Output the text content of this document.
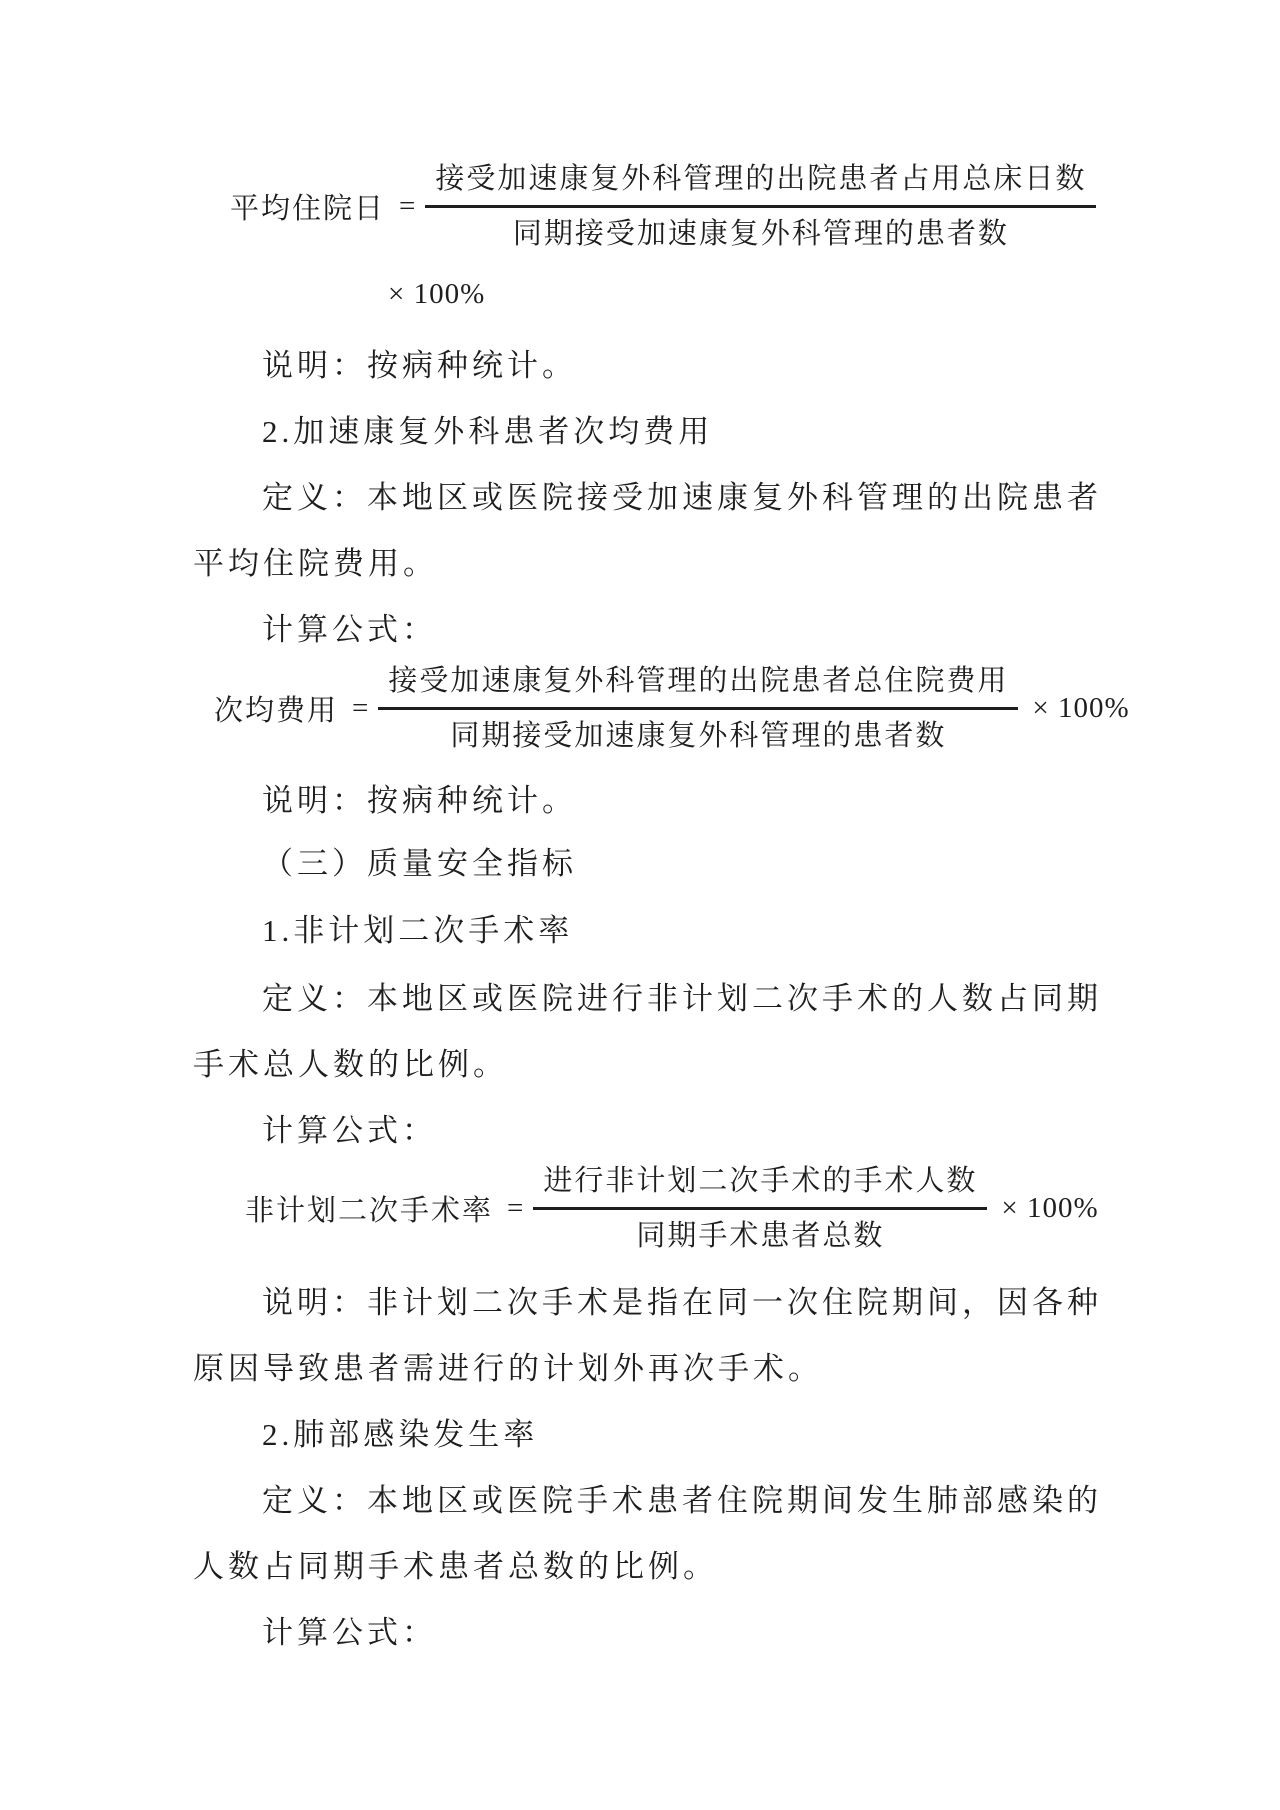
平均住院日 = $\frac{\text{接受加速康复外科管理的出院患者占用总床日数}}{\text{同期接受加速康复外科管理的患者数}}$
× 100%
说明：按病种统计。
2.加速康复外科患者次均费用
定义：本地区或医院接受加速康复外科管理的出院患者
平均住院费用。
计算公式：
次均费用 = $\frac{\text{接受加速康复外科管理的出院患者总住院费用}}{\text{同期接受加速康复外科管理的患者数}} \times 100\%$
说明：按病种统计。
（三）质量安全指标
1.非计划二次手术率
定义：本地区或医院进行非计划二次手术的人数占同期
手术总人数的比例。
计算公式：
非计划二次手术率 = $\frac{\text{进行非计划二次手术的手术人数}}{\text{同期手术患者总数}} \times 100\%$
说明：非计划二次手术是指在同一次住院期间，因各种
原因导致患者需进行的计划外再次手术。
2.肺部感染发生率
定义：本地区或医院手术患者住院期间发生肺部感染的
人数占同期手术患者总数的比例。
计算公式：
